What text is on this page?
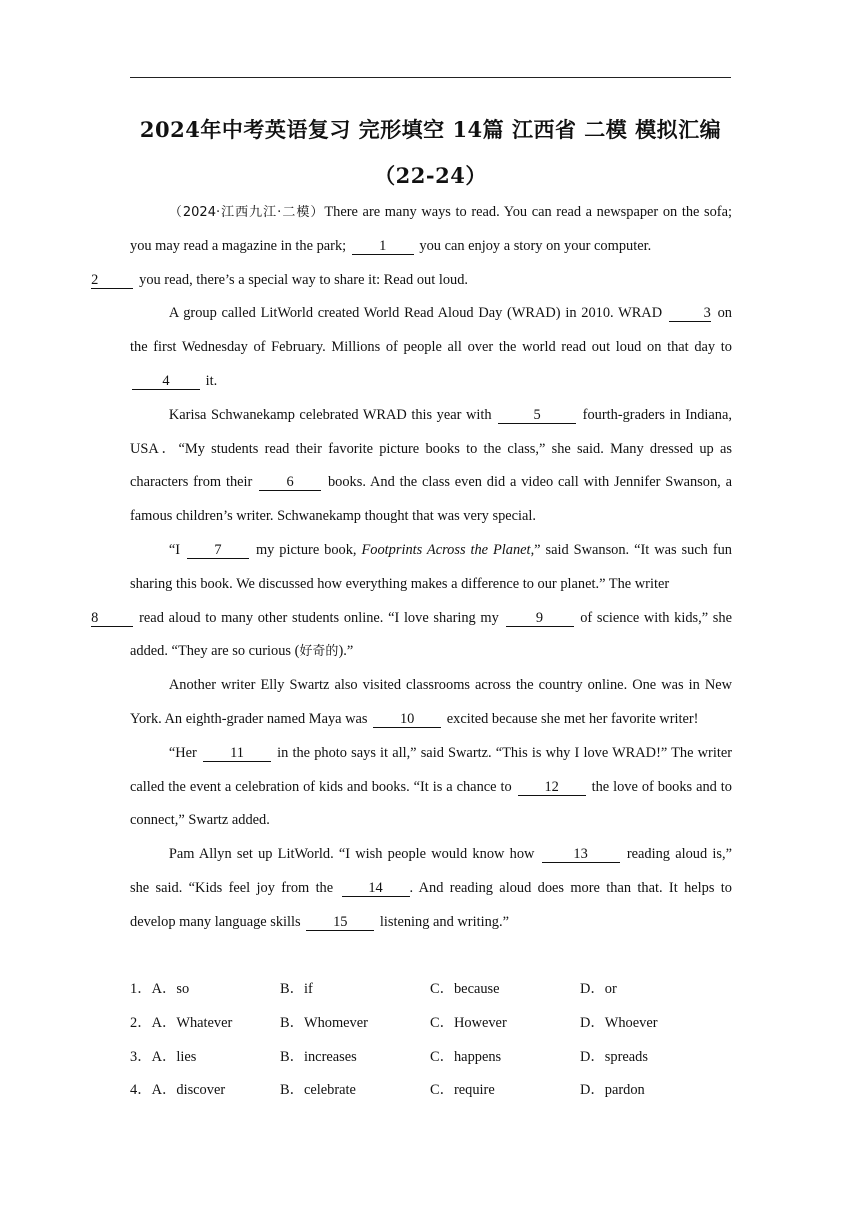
2024年中考英语复习 完形填空 14篇 江西省 二模 模拟汇编
（22-24）

（2024·江西九江·二模）There are many ways to read. You can read a newspaper on the sofa; you may read a magazine in the park; 1 you can enjoy a story on your computer.
2	you read, there’s a special way to share it: Read out loud.

A group called LitWorld created World Read Aloud Day (WRAD) in 2010. WRAD	3 on the first Wednesday of February. Millions of people all over the world read out loud on that day to 4	it.

Karisa Schwanekamp celebrated WRAD this year with	5	fourth-graders in Indiana, USA．“My students read their favorite picture books to the class,” she said. Many dressed up as characters from their 6 books. And the class even did a video call with Jennifer Swanson, a famous children’s writer. Schwanekamp thought that was very special.

“I 7 my picture book, Footprints Across the Planet,” said Swanson. “It was such fun sharing this book. We discussed how everything makes a difference to our planet.” The writer
8	read aloud to many other students online. “I love sharing my	9	of science with kids,” she added. “They are so curious (好奇的).”

Another writer Elly Swartz also visited classrooms across the country online. One was in New York. An eighth-grader named Maya was 10 excited because she met her favorite writer!

“Her 11 in the photo says it all,” said Swartz. “This is why I love WRAD!” The writer called the event a celebration of kids and books. “It is a chance to 12 the love of books and to connect,” Swartz added.

Pam Allyn set up LitWorld. “I wish people would know how	13	reading aloud is,” she said. “Kids feel joy from the 14 . And reading aloud does more than that. It helps to develop many language skills 15 listening and writing.”

1．A．so	B．if	C．because	D．or
2．A．Whatever	B．Whomever	C．However	D．Whoever
3．A．lies	B．increases	C．happens	D．spreads
4．A．discover	B．celebrate	C．require	D．pardon
